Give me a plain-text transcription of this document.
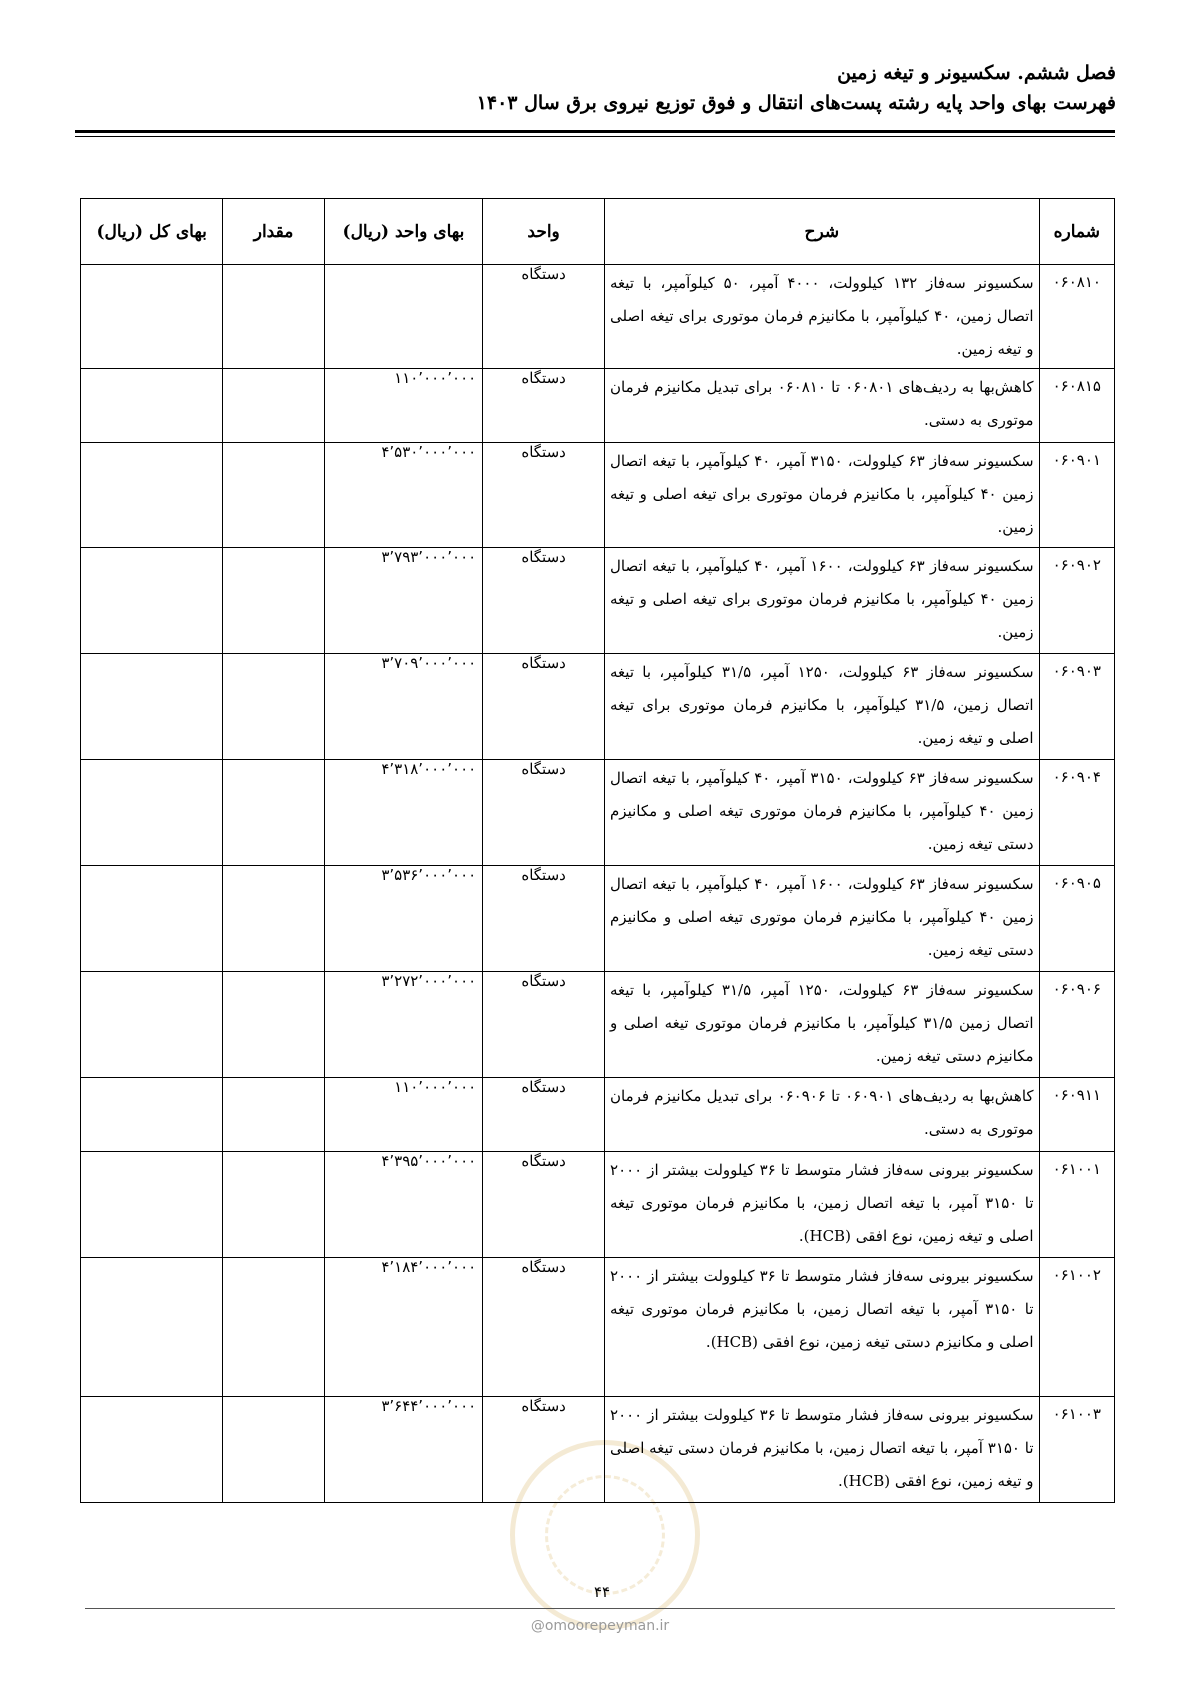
فصل ششم. سکسیونر و تیغه زمین
فهرست بهای واحد پایه رشته پست‌های انتقال و فوق توزیع نیروی برق سال ۱۴۰۳
شماره	شرح	واحد	بهای واحد (ریال)	مقدار	بهای کل (ریال)
۰۶۰۸۱۰	سکسیونر سه‌فاز ۱۳۲ کیلوولت، ۴۰۰۰ آمپر، ۵۰ کیلوآمپر، با تیغه اتصال زمین، ۴۰ کیلوآمپر، با مکانیزم فرمان موتوری برای تیغه اصلی و تیغه زمین.	دستگاه			
۰۶۰۸۱۵	کاهش‌بها به ردیف‌های ۰۶۰۸۰۱ تا ۰۶۰۸۱۰ برای تبدیل مکانیزم فرمان موتوری به دستی.	دستگاه	۱۱۰٬۰۰۰٬۰۰۰		
۰۶۰۹۰۱	سکسیونر سه‌فاز ۶۳ کیلوولت، ۳۱۵۰ آمپر، ۴۰ کیلوآمپر، با تیغه اتصال زمین ۴۰ کیلوآمپر، با مکانیزم فرمان موتوری برای تیغه اصلی و تیغه زمین.	دستگاه	۴٬۵۳۰٬۰۰۰٬۰۰۰		
۰۶۰۹۰۲	سکسیونر سه‌فاز ۶۳ کیلوولت، ۱۶۰۰ آمپر، ۴۰ کیلوآمپر، با تیغه اتصال زمین ۴۰ کیلوآمپر، با مکانیزم فرمان موتوری برای تیغه اصلی و تیغه زمین.	دستگاه	۳٬۷۹۳٬۰۰۰٬۰۰۰		
۰۶۰۹۰۳	سکسیونر سه‌فاز ۶۳ کیلوولت، ۱۲۵۰ آمپر، ۳۱/۵ کیلوآمپر، با تیغه اتصال زمین، ۳۱/۵ کیلوآمپر، با مکانیزم فرمان موتوری برای تیغه اصلی و تیغه زمین.	دستگاه	۳٬۷۰۹٬۰۰۰٬۰۰۰		
۰۶۰۹۰۴	سکسیونر سه‌فاز ۶۳ کیلوولت، ۳۱۵۰ آمپر، ۴۰ کیلوآمپر، با تیغه اتصال زمین ۴۰ کیلوآمپر، با مکانیزم فرمان موتوری تیغه اصلی و مکانیزم دستی تیغه زمین.	دستگاه	۴٬۳۱۸٬۰۰۰٬۰۰۰		
۰۶۰۹۰۵	سکسیونر سه‌فاز ۶۳ کیلوولت، ۱۶۰۰ آمپر، ۴۰ کیلوآمپر، با تیغه اتصال زمین ۴۰ کیلوآمپر، با مکانیزم فرمان موتوری تیغه اصلی و مکانیزم دستی تیغه زمین.	دستگاه	۳٬۵۳۶٬۰۰۰٬۰۰۰		
۰۶۰۹۰۶	سکسیونر سه‌فاز ۶۳ کیلوولت، ۱۲۵۰ آمپر، ۳۱/۵ کیلوآمپر، با تیغه اتصال زمین ۳۱/۵ کیلوآمپر، با مکانیزم فرمان موتوری تیغه اصلی و مکانیزم دستی تیغه زمین.	دستگاه	۳٬۲۷۲٬۰۰۰٬۰۰۰		
۰۶۰۹۱۱	کاهش‌بها به ردیف‌های ۰۶۰۹۰۱ تا ۰۶۰۹۰۶ برای تبدیل مکانیزم فرمان موتوری به دستی.	دستگاه	۱۱۰٬۰۰۰٬۰۰۰		
۰۶۱۰۰۱	سکسیونر بیرونی سه‌فاز فشار متوسط تا ۳۶ کیلوولت بیشتر از ۲۰۰۰ تا ۳۱۵۰ آمپر، با تیغه اتصال زمین، با مکانیزم فرمان موتوری تیغه اصلی و تیغه زمین، نوع افقی (HCB).	دستگاه	۴٬۳۹۵٬۰۰۰٬۰۰۰		
۰۶۱۰۰۲	سکسیونر بیرونی سه‌فاز فشار متوسط تا ۳۶ کیلوولت بیشتر از ۲۰۰۰ تا ۳۱۵۰ آمپر، با تیغه اتصال زمین، با مکانیزم فرمان موتوری تیغه اصلی و مکانیزم دستی تیغه زمین، نوع افقی (HCB).	دستگاه	۴٬۱۸۴٬۰۰۰٬۰۰۰		
۰۶۱۰۰۳	سکسیونر بیرونی سه‌فاز فشار متوسط تا ۳۶ کیلوولت بیشتر از ۲۰۰۰ تا ۳۱۵۰ آمپر، با تیغه اتصال زمین، با مکانیزم فرمان دستی تیغه اصلی و تیغه زمین، نوع افقی (HCB).	دستگاه	۳٬۶۴۴٬۰۰۰٬۰۰۰		
۴۴
@omoorepeyman.ir
